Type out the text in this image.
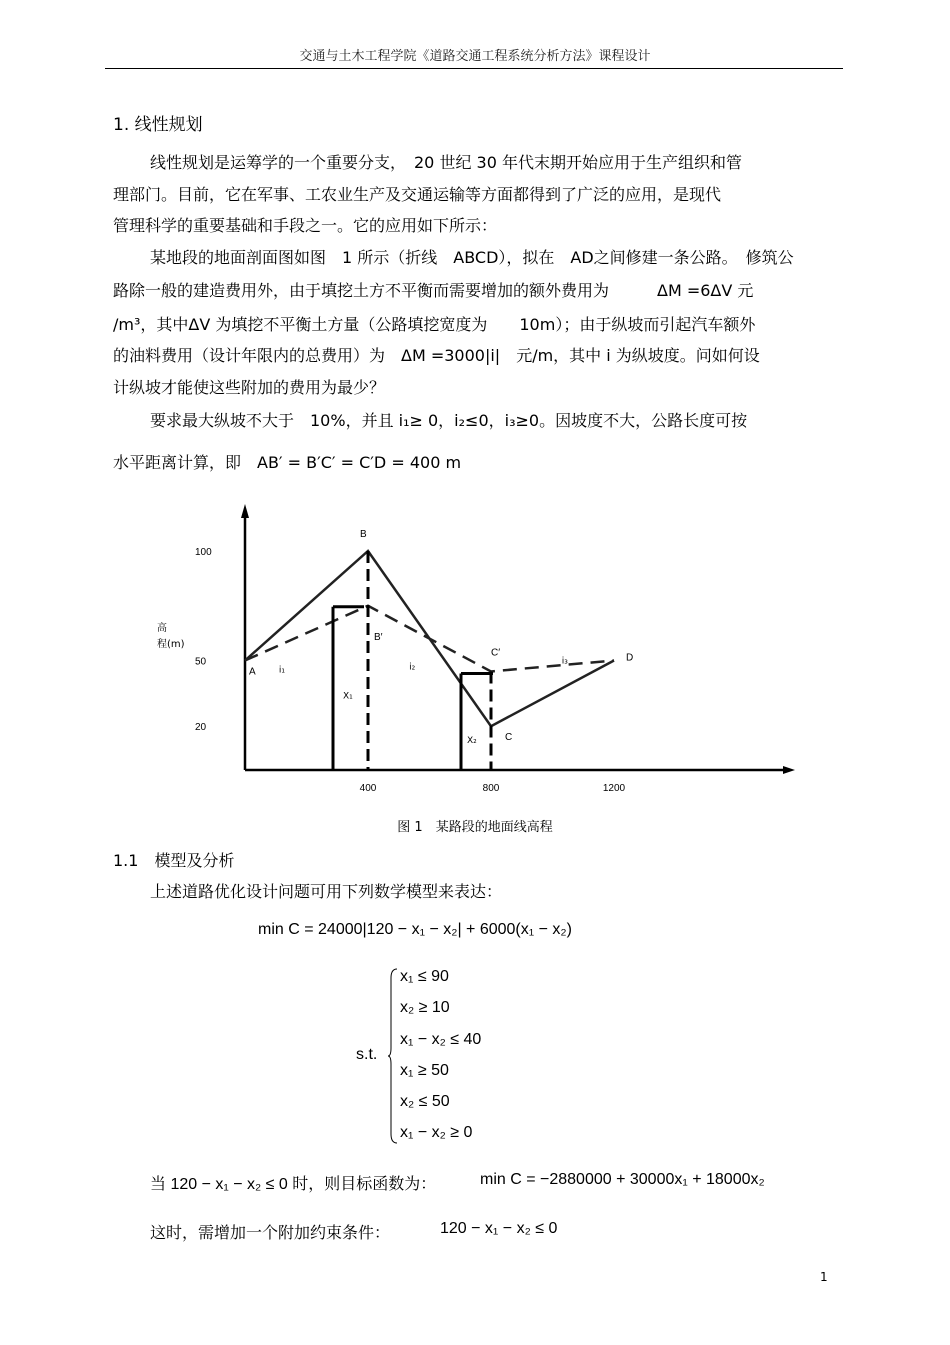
交通与土木工程学院《道路交通工程系统分析方法》课程设计
1. 线性规划
线性规划是运筹学的一个重要分支，　20 世纪 30 年代末期开始应用于生产组织和管
理部门。目前，它在军事、工农业生产及交通运输等方面都得到了广泛的应用，是现代
管理科学的重要基础和手段之一。它的应用如下所示：
某地段的地面剖面图如图　1 所示（折线　ABCD），拟在　AD之间修建一条公路。　修筑公
路除一般的建造费用外，由于填挖土方不平衡而需要增加的额外费用为　　　ΔM =6ΔV 元
/m³，其中ΔV 为填挖不平衡土方量（公路填挖宽度为　　10m）；由于纵坡而引起汽车额外
的油料费用（设计年限内的总费用）为　ΔM =3000|i|　元/m，其中 i 为纵坡度。问如何设
计纵坡才能使这些附加的费用为最少？
要求最大纵坡不大于　10%，并且 i₁≥ 0，i₂≤0，i₃≥0。因坡度不大，公路长度可按
水平距离计算，即　AB′ = B′C′ = C′D = 400 m
20
50
100
400	800	1200
高
程(m)
A
B
C
D
B′
C′
i₁	i₂
i₃
X₁
X₂
图 1　某路段的地面线高程
1.1　模型及分析
上述道路优化设计问题可用下列数学模型来表达：
min C = 24000|120 − x₁ − x₂| + 6000(x₁ − x₂)
s.t.
x₁ ≤ 90
x₂ ≥ 10
x₁ − x₂ ≤ 40
x₁ ≥ 50
x₂ ≤ 50
x₁ − x₂ ≥ 0
当 120 − x₁ − x₂ ≤ 0 时，则目标函数为：	min C = −2880000 + 30000x₁ + 18000x₂
这时，需增加一个附加约束条件：	120 − x₁ − x₂ ≤ 0
1
